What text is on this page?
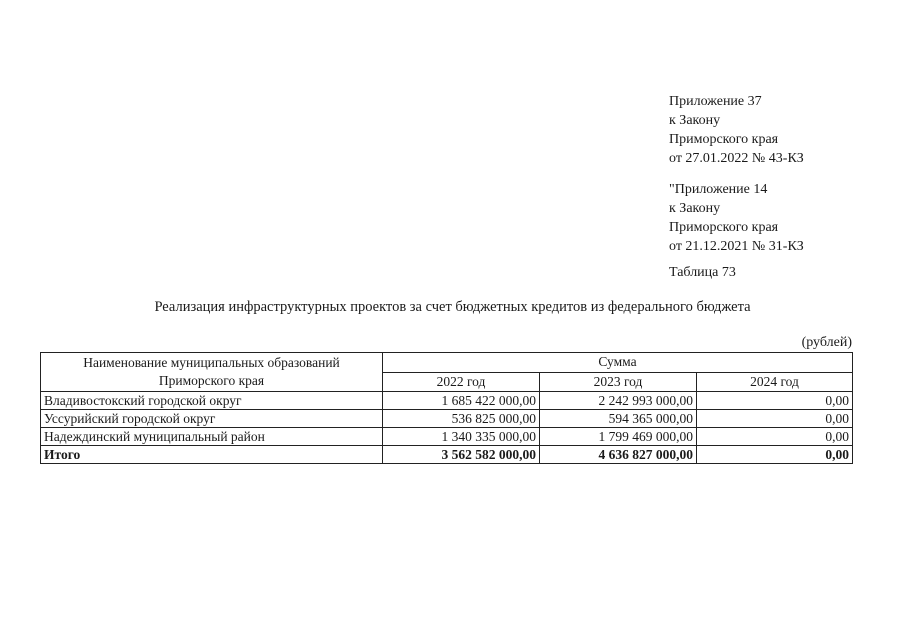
Приложение 37
к Закону
Приморского края
от 27.01.2022 № 43-КЗ
"Приложение 14
к Закону
Приморского края
от 21.12.2021 № 31-КЗ
Таблица 73
Реализация инфраструктурных проектов за счет бюджетных кредитов из федерального бюджета
(рублей)
Наименование муниципальных образований Приморского края	Сумма		
	2022 год	2023 год	2024 год
Владивостокский городской округ	1 685 422 000,00	2 242 993 000,00	0,00
Уссурийский городской округ	536 825 000,00	594 365 000,00	0,00
Надеждинский муниципальный район	1 340 335 000,00	1 799 469 000,00	0,00
Итого	3 562 582 000,00	4 636 827 000,00	0,00
